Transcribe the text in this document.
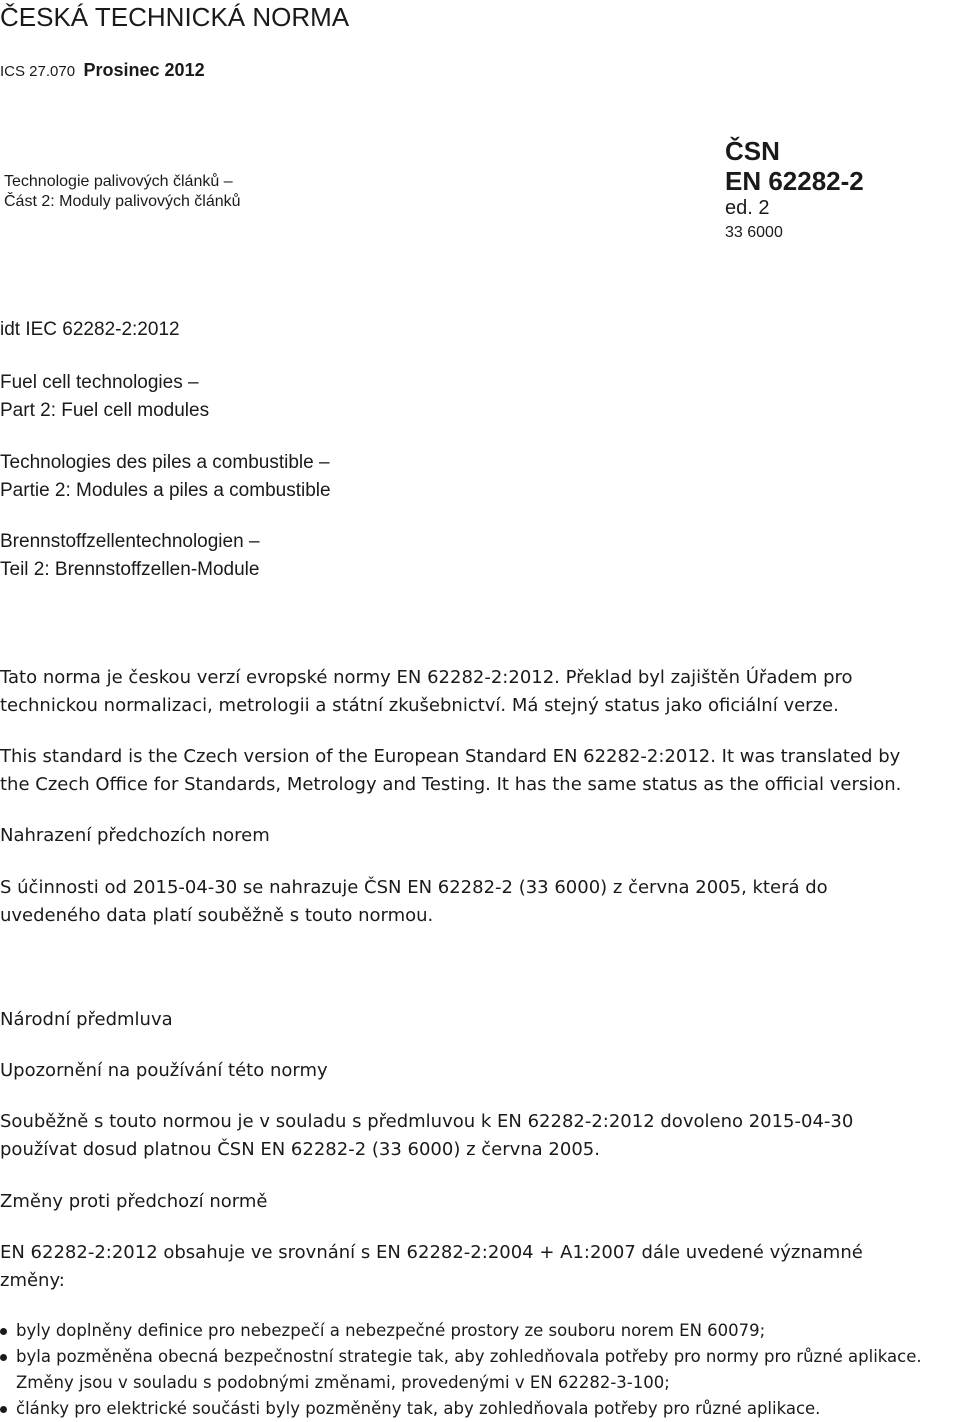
ČESKÁ TECHNICKÁ NORMA
ICS 27.070 Prosinec 2012
Technologie palivových článků –
Část 2: Moduly palivových článků
ČSN
EN 62282-2
ed. 2
33 6000
idt IEC 62282-2:2012
Fuel cell technologies –
Part 2: Fuel cell modules
Technologies des piles a combustible –
Partie 2: Modules a piles a combustible
Brennstoffzellentechnologien –
Teil 2: Brennstoffzellen-Module
Tato norma je českou verzí evropské normy EN 62282-2:2012. Překlad byl zajištěn Úřadem pro
technickou normalizaci, metrologii a státní zkušebnictví. Má stejný status jako oficiální verze.
This standard is the Czech version of the European Standard EN 62282-2:2012. It was translated by
the Czech Office for Standards, Metrology and Testing. It has the same status as the official version.
Nahrazení předchozích norem
S účinnosti od 2015-04-30 se nahrazuje ČSN EN 62282-2 (33 6000) z června 2005, která do
uvedeného data platí souběžně s touto normou.
Národní předmluva
Upozornění na používání této normy
Souběžně s touto normou je v souladu s předmluvou k EN 62282-2:2012 dovoleno 2015-04-30
používat dosud platnou ČSN EN 62282-2 (33 6000) z června 2005.
Změny proti předchozí normě
EN 62282-2:2012 obsahuje ve srovnání s EN 62282-2:2004 + A1:2007 dále uvedené významné
změny:
byly doplněny definice pro nebezpečí a nebezpečné prostory ze souboru norem EN 60079;
byla pozměněna obecná bezpečnostní strategie tak, aby zohledňovala potřeby pro normy pro různé aplikace.
Změny jsou v souladu s podobnými změnami, provedenými v EN 62282-3-100;
články pro elektrické součásti byly pozměněny tak, aby zohledňovala potřeby pro různé aplikace.
